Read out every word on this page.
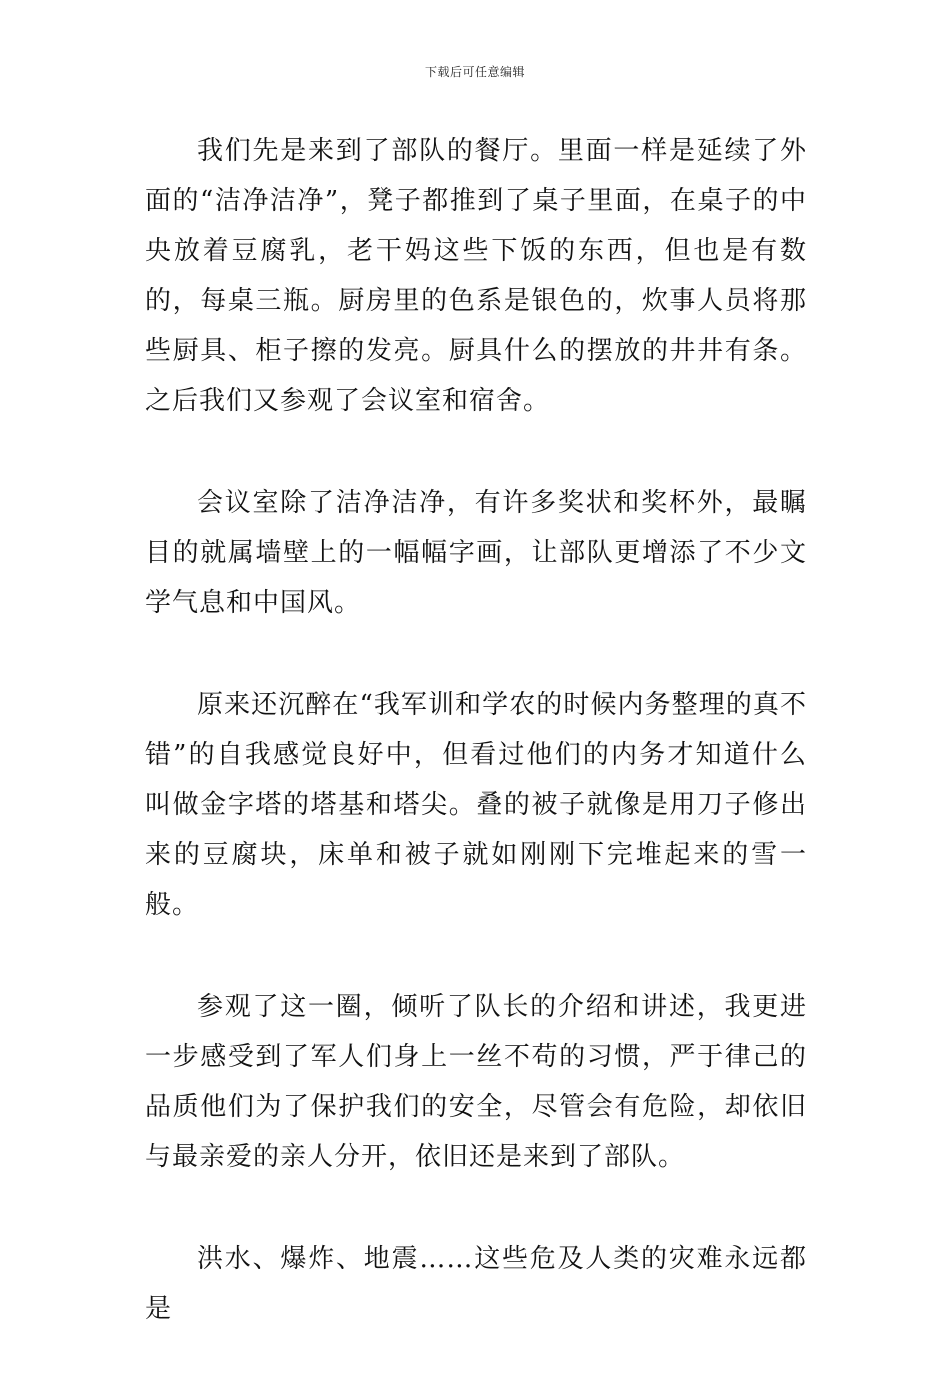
下载后可任意编辑

我们先是来到了部队的餐厅。里面一样是延续了外面的“洁净洁净”，凳子都推到了桌子里面，在桌子的中央放着豆腐乳，老干妈这些下饭的东西，但也是有数的，每桌三瓶。厨房里的色系是银色的，炊事人员将那些厨具、柜子擦的发亮。厨具什么的摆放的井井有条。之后我们又参观了会议室和宿舍。

会议室除了洁净洁净，有许多奖状和奖杯外，最瞩目的就属墙壁上的一幅幅字画，让部队更增添了不少文学气息和中国风。

原来还沉醉在“我军训和学农的时候内务整理的真不错”的自我感觉良好中，但看过他们的内务才知道什么叫做金字塔的塔基和塔尖。叠的被子就像是用刀子修出来的豆腐块，床单和被子就如刚刚下完堆起来的雪一般。

参观了这一圈，倾听了队长的介绍和讲述，我更进一步感受到了军人们身上一丝不苟的习惯，严于律己的品质他们为了保护我们的安全，尽管会有危险，却依旧与最亲爱的亲人分开，依旧还是来到了部队。

洪水、爆炸、地震……这些危及人类的灾难永远都是
